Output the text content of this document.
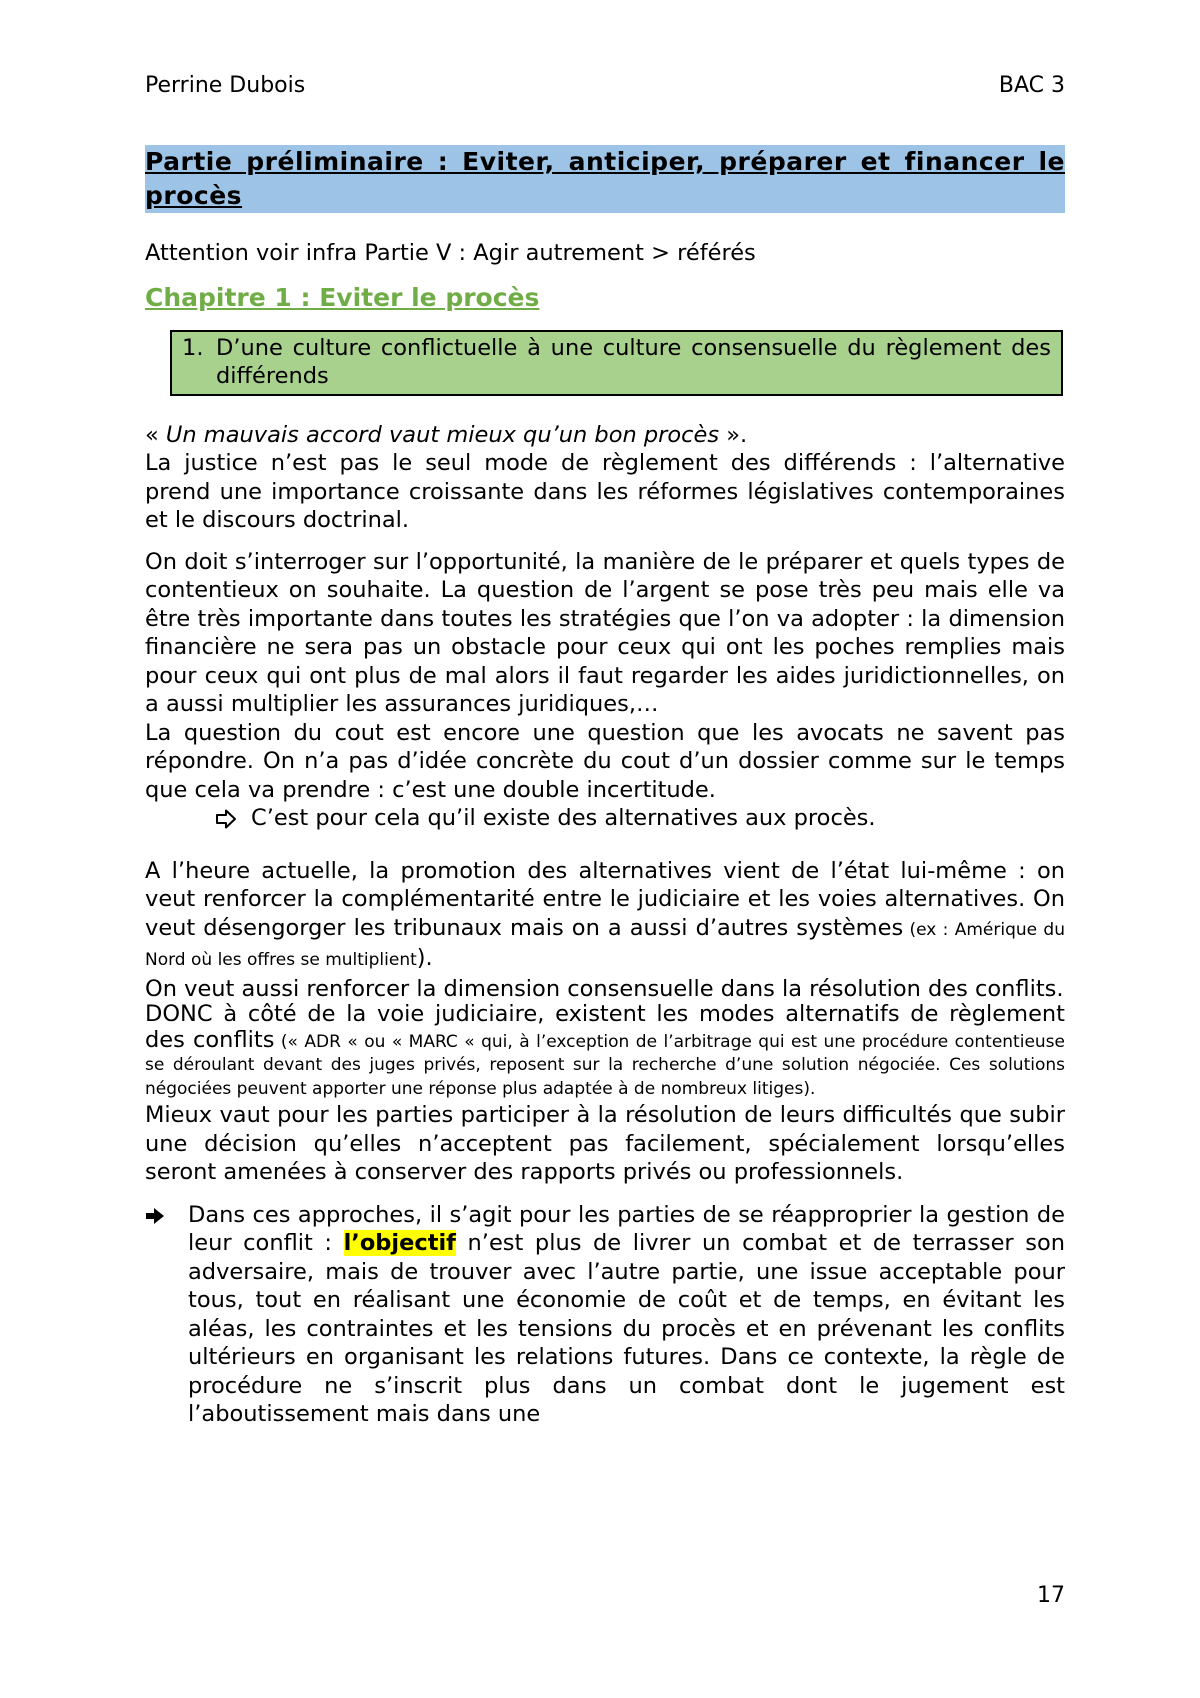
Perrine Dubois	BAC 3
Partie préliminaire : Eviter, anticiper, préparer et financer le procès

Attention voir infra Partie V : Agir autrement > référés

Chapitre 1 : Eviter le procès
1. D’une culture conflictuelle à une culture consensuelle du règlement des différends

« Un mauvais accord vaut mieux qu’un bon procès ».

La justice n’est pas le seul mode de règlement des différends : l’alternative prend une importance croissante dans les réformes législatives contemporaines et le discours doctrinal.

On doit s’interroger sur l’opportunité, la manière de le préparer et quels types de contentieux on souhaite. La question de l’argent se pose très peu mais elle va être très importante dans toutes les stratégies que l’on va adopter : la dimension financière ne sera pas un obstacle pour ceux qui ont les poches remplies mais pour ceux qui ont plus de mal alors il faut regarder les aides juridictionnelles, on a aussi multiplier les assurances juridiques,…

La question du cout est encore une question que les avocats ne savent pas répondre. On n’a pas d’idée concrète du cout d’un dossier comme sur le temps que cela va prendre : c’est une double incertitude.

C’est pour cela qu’il existe des alternatives aux procès.

A l’heure actuelle, la promotion des alternatives vient de l’état lui-même : on veut renforcer la complémentarité entre le judiciaire et les voies alternatives. On veut désengorger les tribunaux mais on a aussi d’autres systèmes (ex : Amérique du Nord où les offres se multiplient).

On veut aussi renforcer la dimension consensuelle dans la résolution des conflits.

DONC à côté de la voie judiciaire, existent les modes alternatifs de règlement des conflits (« ADR « ou « MARC « qui, à l’exception de l’arbitrage qui est une procédure contentieuse se déroulant devant des juges privés, reposent sur la recherche d’une solution négociée. Ces solutions négociées peuvent apporter une réponse plus adaptée à de nombreux litiges).

Mieux vaut pour les parties participer à la résolution de leurs difficultés que subir une décision qu’elles n’acceptent pas facilement, spécialement lorsqu’elles seront amenées à conserver des rapports privés ou professionnels.

Dans ces approches, il s’agit pour les parties de se réapproprier la gestion de leur conflit : l’objectif n’est plus de livrer un combat et de terrasser son adversaire, mais de trouver avec l’autre partie, une issue acceptable pour tous, tout en réalisant une économie de coût et de temps, en évitant les aléas, les contraintes et les tensions du procès et en prévenant les conflits ultérieurs en organisant les relations futures. Dans ce contexte, la règle de procédure ne s’inscrit plus dans un combat dont le jugement est l’aboutissement mais dans une

17
